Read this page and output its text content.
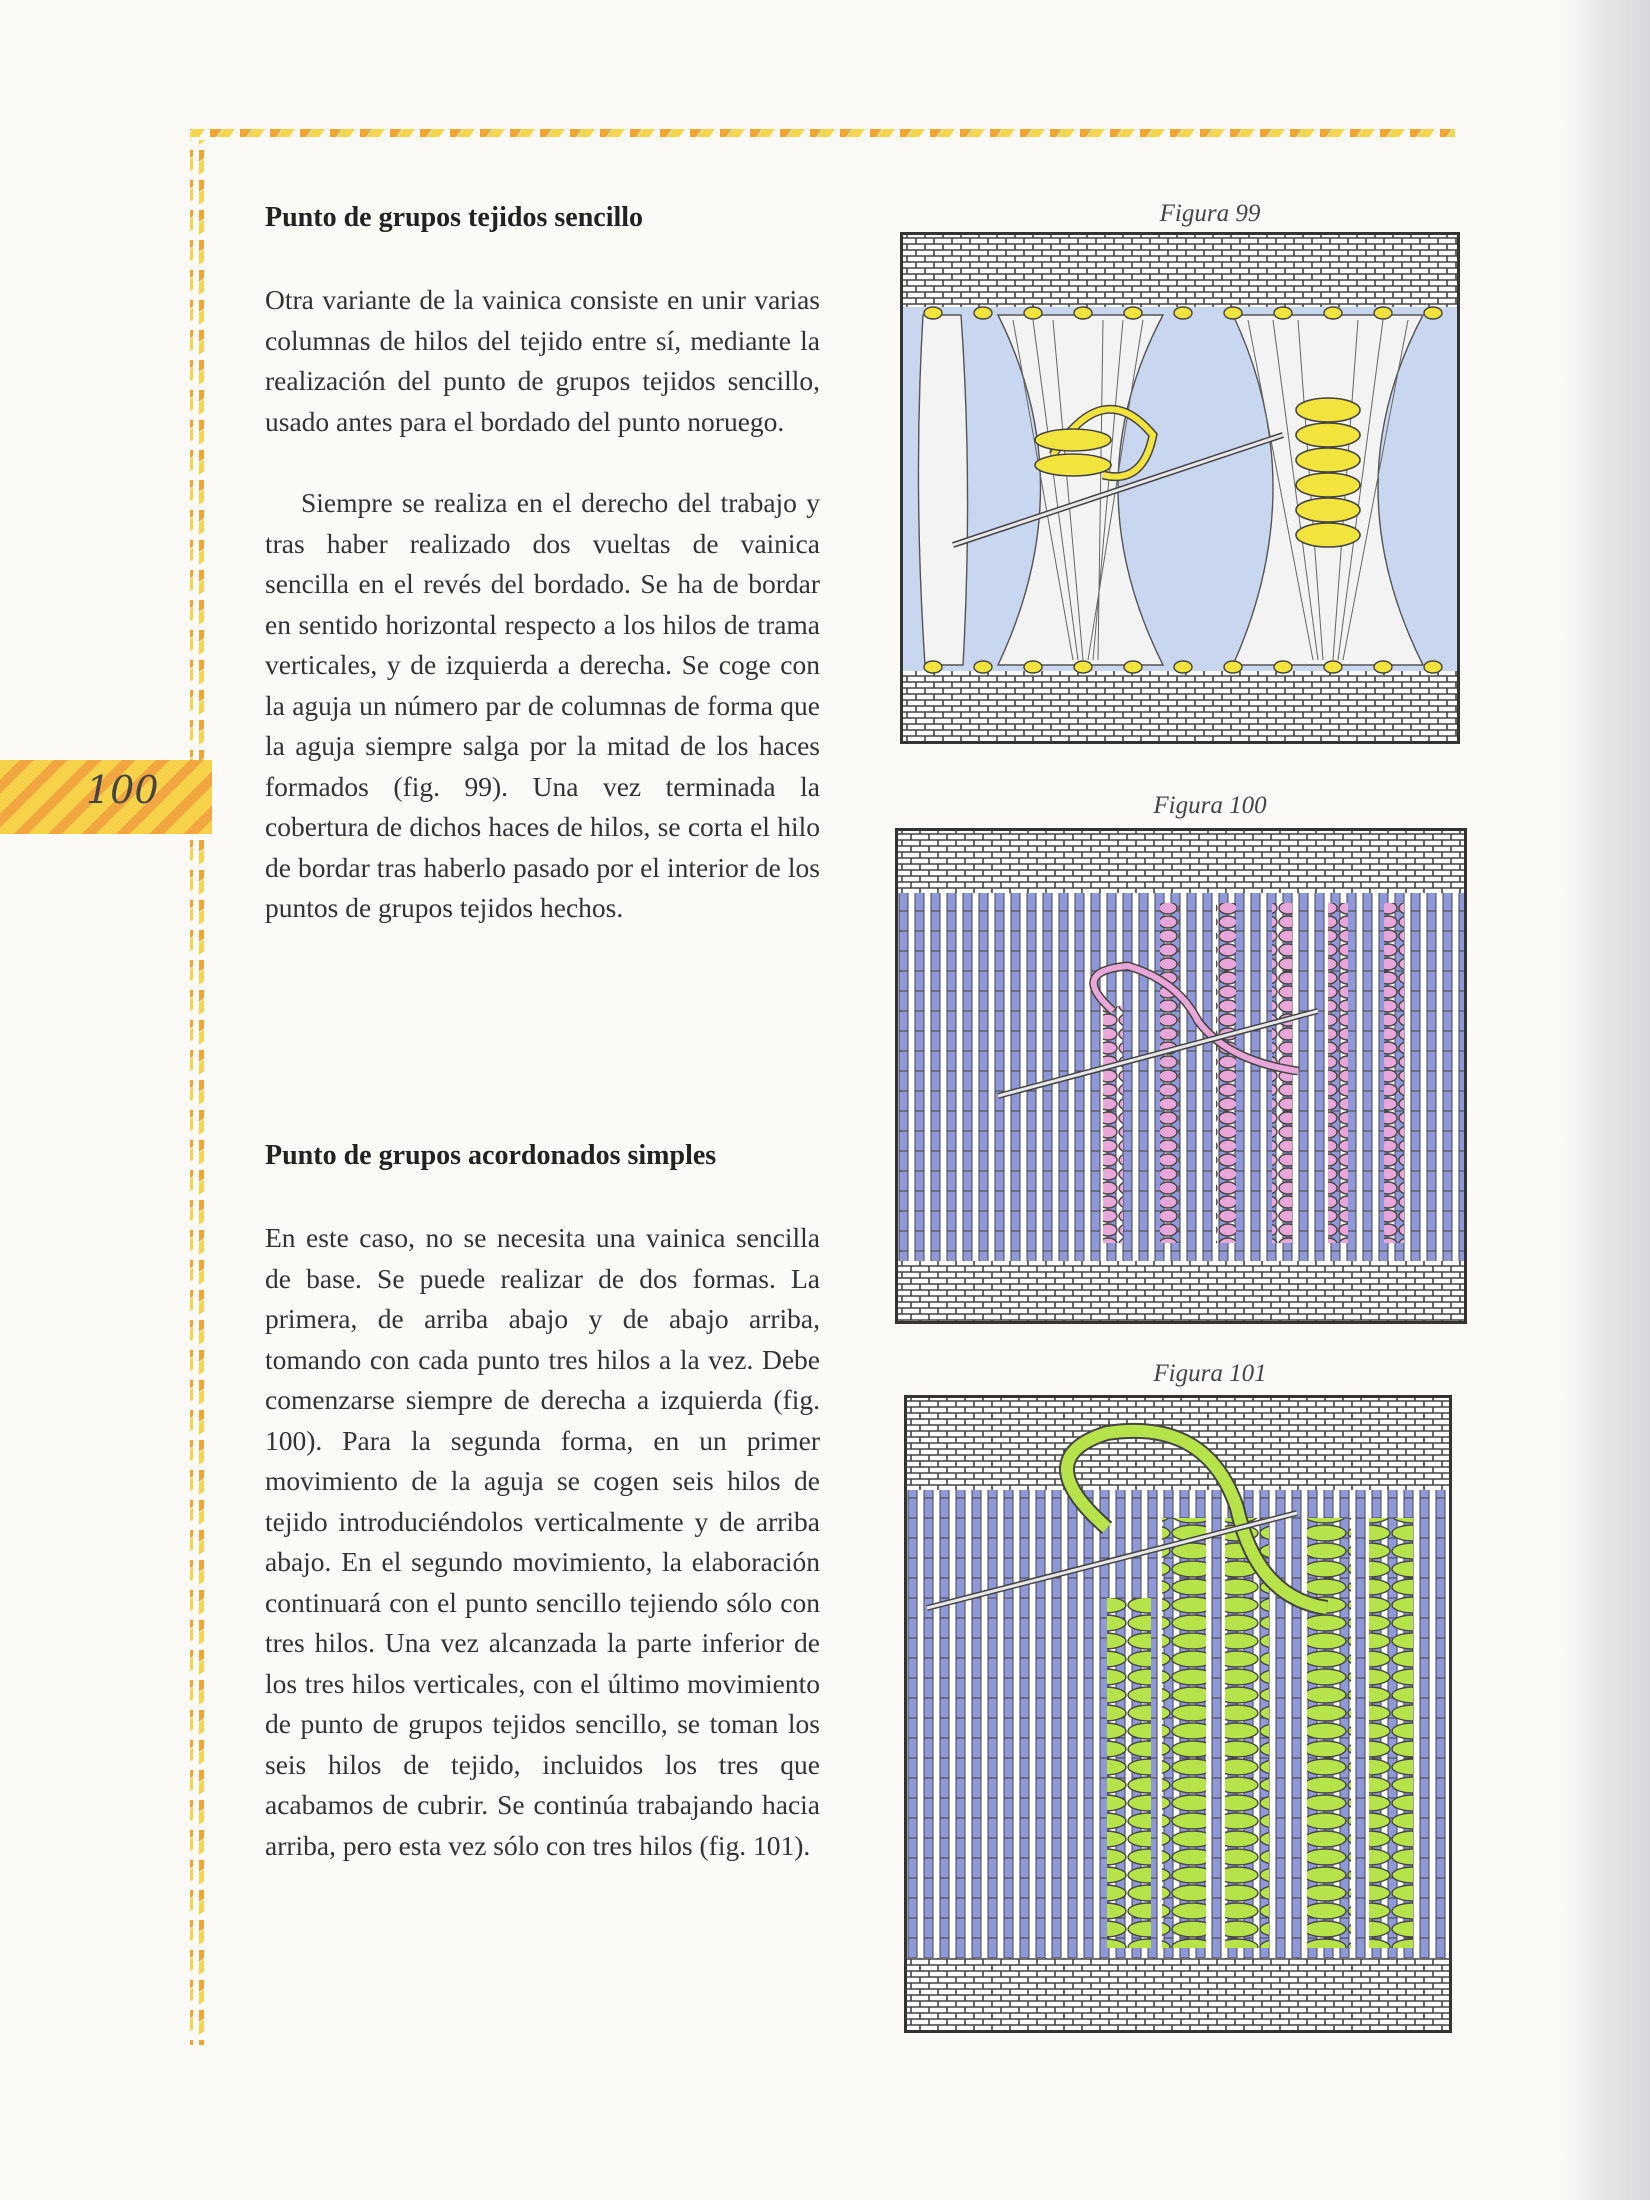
100
Punto de grupos tejidos sencillo

Otra variante de la vainica consiste en unir varias columnas de hilos del tejido entre sí, mediante la realización del punto de grupos tejidos sencillo, usado antes para el bordado del punto noruego.

Siempre se realiza en el derecho del trabajo y tras haber realizado dos vueltas de vainica sencilla en el revés del bordado. Se ha de bordar en sentido horizontal respecto a los hilos de trama verticales, y de izquierda a derecha. Se coge con la aguja un número par de columnas de forma que la aguja siempre salga por la mitad de los haces formados (fig. 99). Una vez terminada la cobertura de dichos haces de hilos, se corta el hilo de bordar tras haberlo pasado por el interior de los puntos de grupos tejidos hechos.

Punto de grupos acordonados simples

En este caso, no se necesita una vainica sencilla de base. Se puede realizar de dos formas. La primera, de arriba abajo y de abajo arriba, tomando con cada punto tres hilos a la vez. Debe comenzarse siempre de derecha a izquierda (fig. 100). Para la segunda forma, en un primer movimiento de la aguja se cogen seis hilos de tejido introduciéndolos verticalmente y de arriba abajo. En el segundo movimiento, la elaboración continuará con el punto sencillo tejiendo sólo con tres hilos. Una vez alcanzada la parte inferior de los tres hilos verticales, con el último movimiento de punto de grupos tejidos sencillo, se toman los seis hilos de tejido, incluidos los tres que acabamos de cubrir. Se continúa trabajando hacia arriba, pero esta vez sólo con tres hilos (fig. 101).

Figura 99
Figura 100
Figura 101
